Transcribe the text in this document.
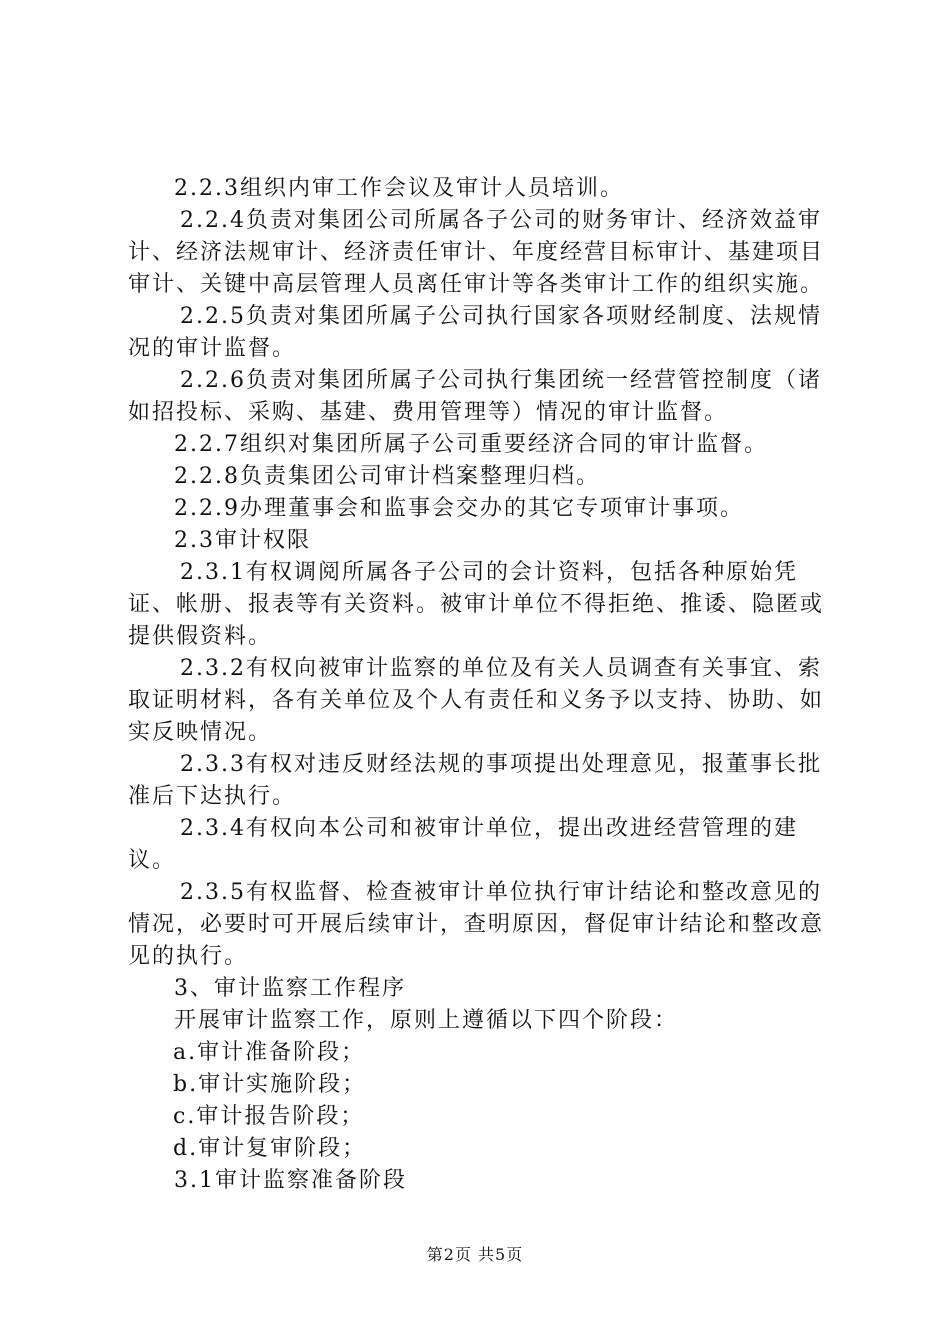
2.2.3组织内审工作会议及审计人员培训。

2.2.4负责对集团公司所属各子公司的财务审计、经济效益审计、经济法规审计、经济责任审计、年度经营目标审计、基建项目审计、关键中高层管理人员离任审计等各类审计工作的组织实施。

2.2.5负责对集团所属子公司执行国家各项财经制度、法规情况的审计监督。

2.2.6负责对集团所属子公司执行集团统一经营管控制度（诸如招投标、采购、基建、费用管理等）情况的审计监督。

2.2.7组织对集团所属子公司重要经济合同的审计监督。

2.2.8负责集团公司审计档案整理归档。

2.2.9办理董事会和监事会交办的其它专项审计事项。

2.3审计权限

2.3.1有权调阅所属各子公司的会计资料，包括各种原始凭证、帐册、报表等有关资料。被审计单位不得拒绝、推诿、隐匿或提供假资料。

2.3.2有权向被审计监察的单位及有关人员调查有关事宜、索取证明材料，各有关单位及个人有责任和义务予以支持、协助、如实反映情况。

2.3.3有权对违反财经法规的事项提出处理意见，报董事长批准后下达执行。

2.3.4有权向本公司和被审计单位，提出改进经营管理的建议。

2.3.5有权监督、检查被审计单位执行审计结论和整改意见的情况，必要时可开展后续审计，查明原因，督促审计结论和整改意见的执行。

3、审计监察工作程序

开展审计监察工作，原则上遵循以下四个阶段：

a.审计准备阶段；

b.审计实施阶段；

c.审计报告阶段；

d.审计复审阶段；

3.1审计监察准备阶段

第2页 共5页
